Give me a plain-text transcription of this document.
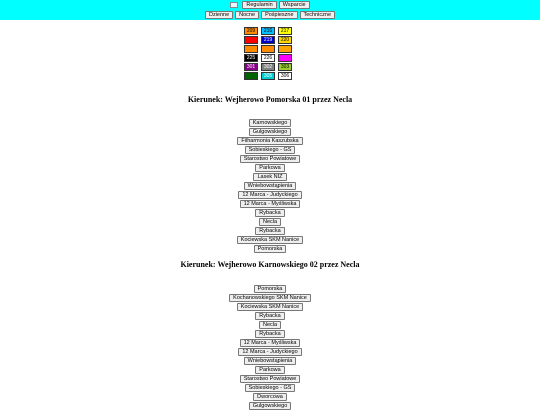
Regulamin	Wsparcie
Dzienne	Nocne	Pośpieszne	Techniczne
209	216	217
218	219	220
221	222	223
225	226	227
301	302	303
304	305	306
Kierunek: Wejherowo Pomorska 01 przez Necla
Karnowskiego
Gulgowskiego
Filharmonia Kaszubska
Sobieskiego - GS
Starostwo Powiatowe
Parkowa
Lasek NIZ
Wniebowstąpienia
12 Marca - Judyckiego
12 Marca - Myśliwska
Rybacka
Necla
Rybacka
Kociewska SKM Nanice
Pomorska
Kierunek: Wejherowo Karnowskiego 02 przez Necla
Pomorska
Kochanowskiego SKM Nanice
Kociewska SKM Nanice
Rybacka
Necla
Rybacka
12 Marca - Myśliwska
12 Marca - Judyckiego
Wniebowstąpienia
Parkowa
Starostwo Powiatowe
Sobieskiego - GS
Dworcowa
Gulgowskiego
